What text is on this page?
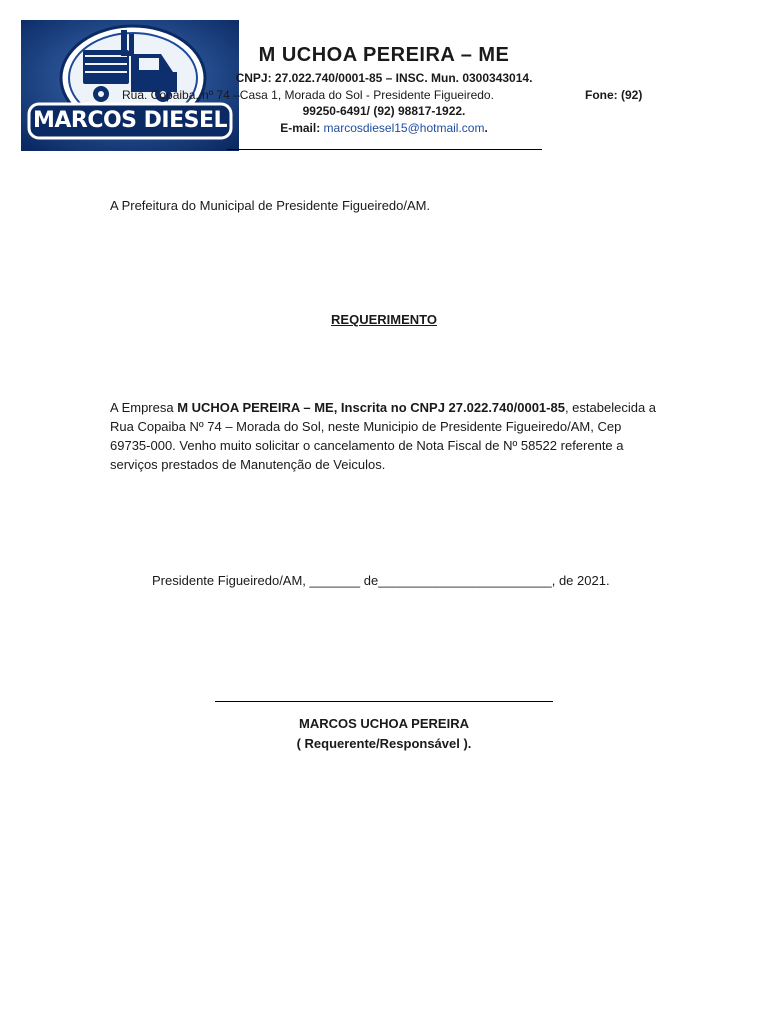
MARCOS DIESEL
M UCHOA PEREIRA – ME
CNPJ: 27.022.740/0001-85 – INSC. Mun. 0300343014.
Rua. Copaiba, nº 74 –Casa 1, Morada do Sol - Presidente Figueiredo.	Fone: (92)
99250-6491/ (92) 98817-1922.
E-mail: marcosdiesel15@hotmail.com.
A Prefeitura do Municipal de Presidente Figueiredo/AM.
REQUERIMENTO
A Empresa M UCHOA PEREIRA – ME, Inscrita no CNPJ 27.022.740/0001-85, estabelecida a Rua Copaiba Nº 74 – Morada do Sol, neste Municipio de Presidente Figueiredo/AM, Cep 69735-000. Venho muito solicitar o cancelamento de Nota Fiscal de Nº 58522 referente a serviços prestados de Manutenção de Veiculos.
Presidente Figueiredo/AM, _______ de________________________, de 2021.
MARCOS UCHOA PEREIRA
( Requerente/Responsável ).
